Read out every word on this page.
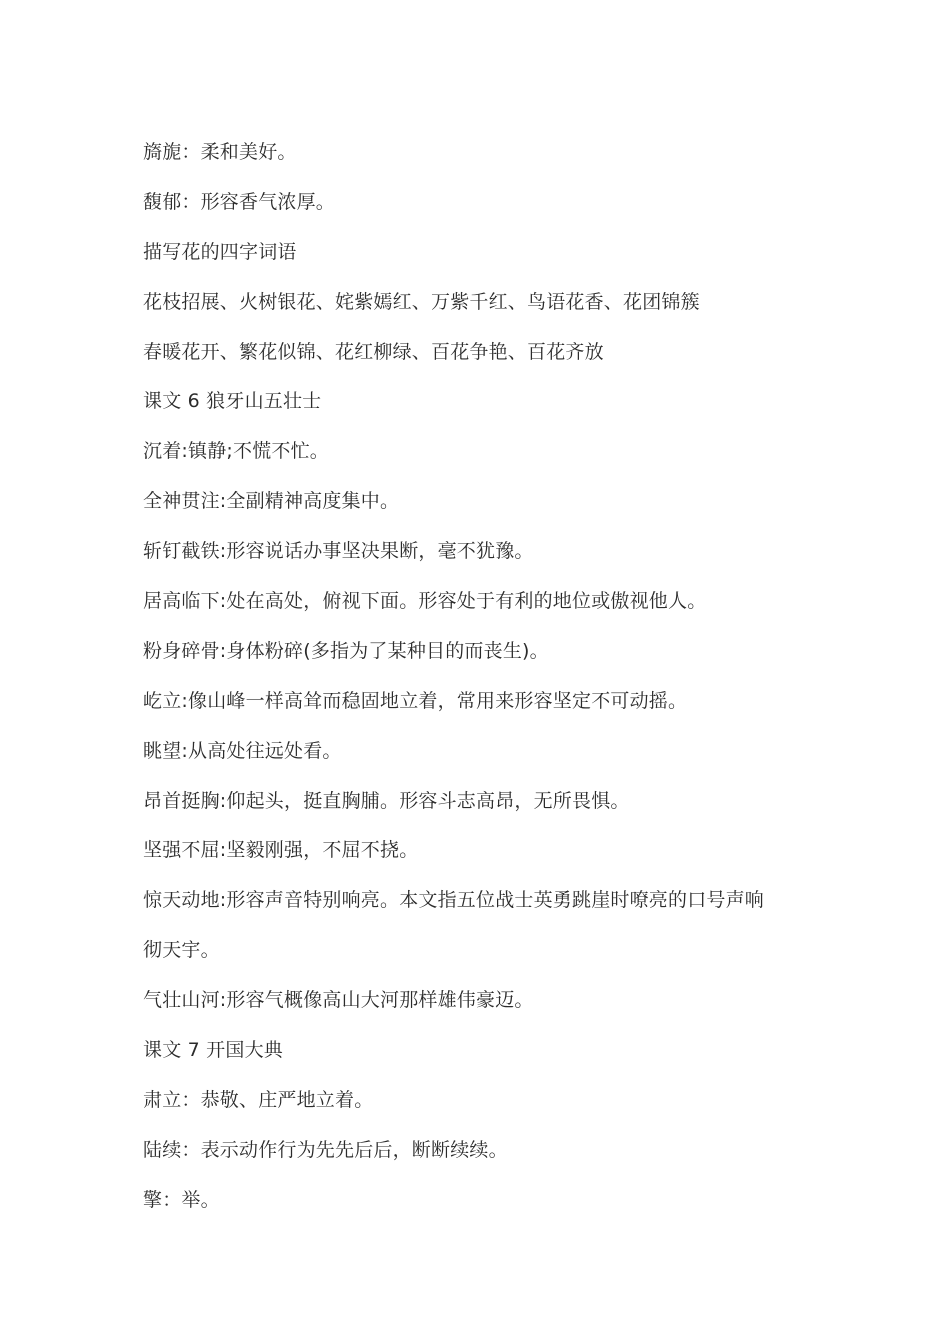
旖旎：柔和美好。
馥郁：形容香气浓厚。
描写花的四字词语
花枝招展、火树银花、姹紫嫣红、万紫千红、鸟语花香、花团锦簇
春暖花开、繁花似锦、花红柳绿、百花争艳、百花齐放
课文 6 狼牙山五壮士
沉着:镇静;不慌不忙。
全神贯注:全副精神高度集中。
斩钉截铁:形容说话办事坚决果断，毫不犹豫。
居高临下:处在高处，俯视下面。形容处于有利的地位或傲视他人。
粉身碎骨:身体粉碎(多指为了某种目的而丧生)。
屹立:像山峰一样高耸而稳固地立着，常用来形容坚定不可动摇。
眺望:从高处往远处看。
昂首挺胸:仰起头，挺直胸脯。形容斗志高昂，无所畏惧。
坚强不屈:坚毅刚强，不屈不挠。
惊天动地:形容声音特别响亮。本文指五位战士英勇跳崖时嘹亮的口号声响
彻天宇。
气壮山河:形容气概像高山大河那样雄伟豪迈。
课文 7 开国大典
肃立：恭敬、庄严地立着。
陆续：表示动作行为先先后后，断断续续。
擎：举。
